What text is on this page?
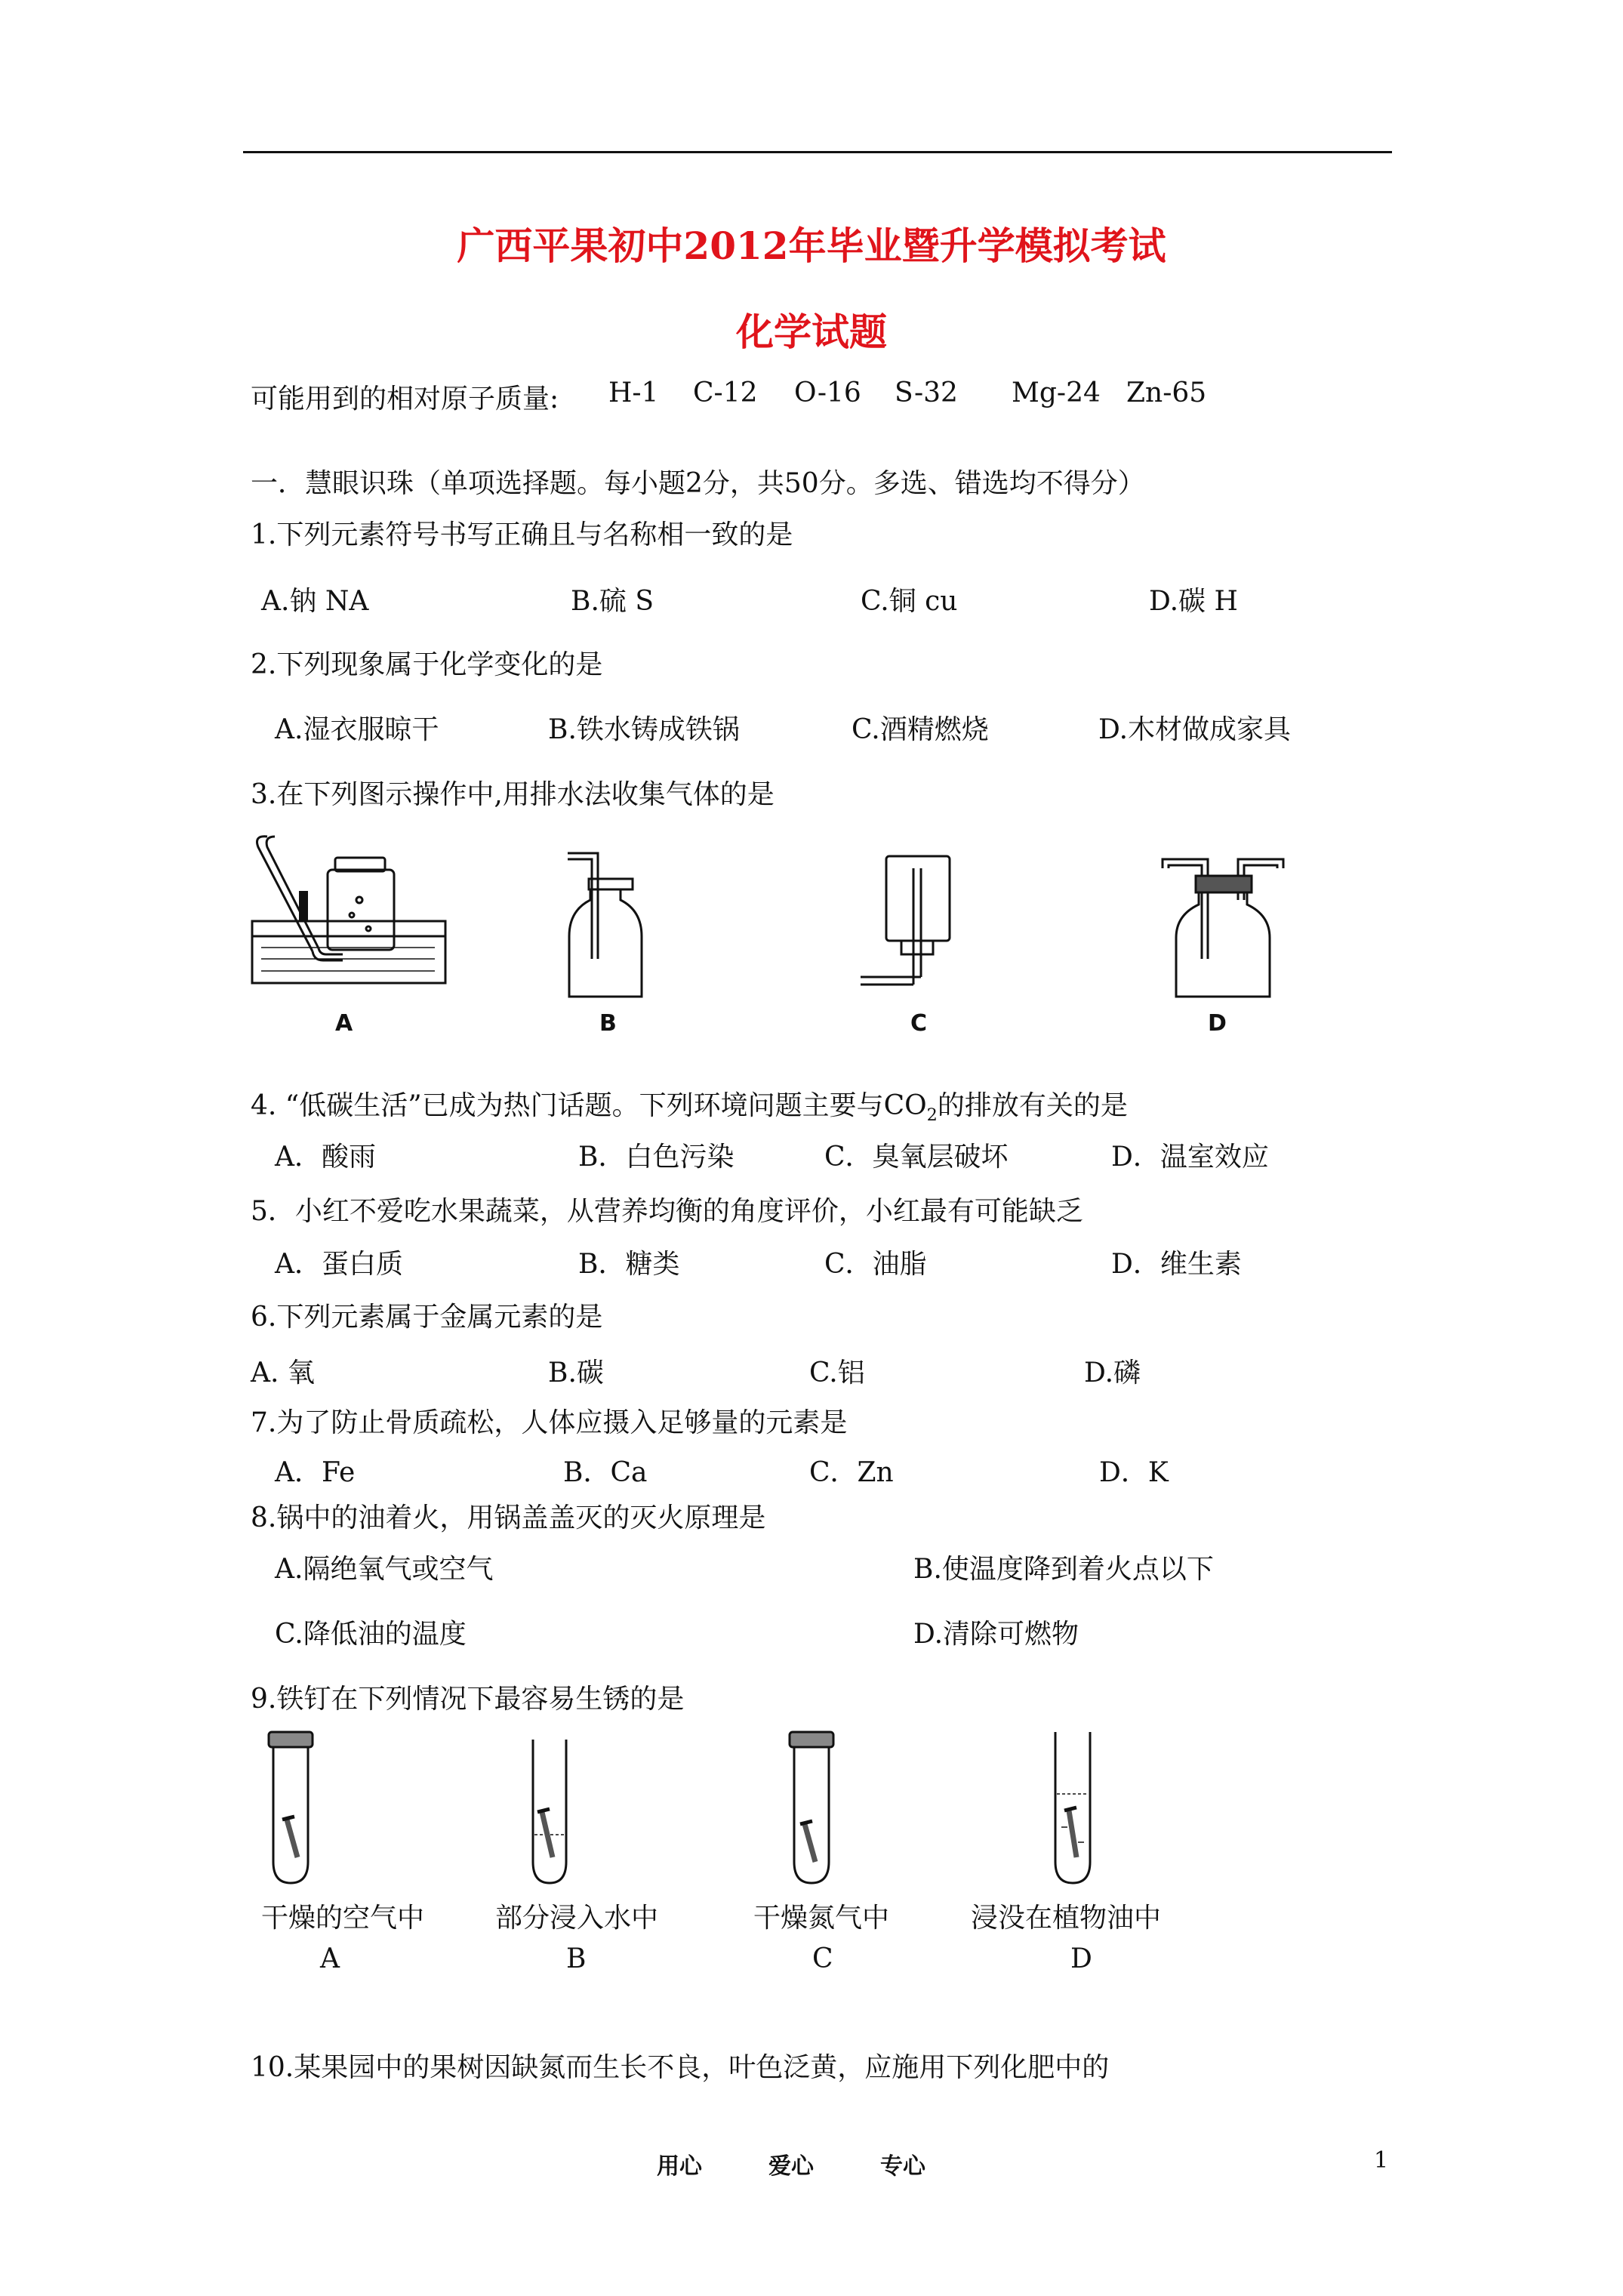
广西平果初中2012年毕业暨升学模拟考试
化学试题
可能用到的相对原子质量: H-1 C-12 O-16 S-32 Mg-24 Zn-65
一．慧眼识珠（单项选择题。每小题2分，共50分。多选、错选均不得分）
1.下列元素符号书写正确且与名称相一致的是
A.钠 NA	B.硫 S	C.铜 cu	D.碳 H
2.下列现象属于化学变化的是
A.湿衣服晾干	B.铁水铸成铁锅	C.酒精燃烧	D.木材做成家具
3.在下列图示操作中,用排水法收集气体的是
A	B	C	D
4. “低碳生活”已成为热门话题。下列环境问题主要与$CO_2$的排放有关的是
A．酸雨	B．白色污染	C．臭氧层破坏	D．温室效应
5．小红不爱吃水果蔬菜，从营养均衡的角度评价，小红最有可能缺乏
A．蛋白质	B．糖类	C．油脂	D．维生素
6.下列元素属于金属元素的是
A. 氧	B.碳	C.铝	D.磷
7.为了防止骨质疏松，人体应摄入足够量的元素是
A．Fe	B．Ca	C．Zn	D．K
8.锅中的油着火，用锅盖盖灭的灭火原理是
A.隔绝氧气或空气	B.使温度降到着火点以下
C.降低油的温度	D.清除可燃物
9.铁钉在下列情况下最容易生锈的是
干燥的空气中	部分浸入水中	干燥氮气中	浸没在植物油中
A	B	C	D
10.某果园中的果树因缺氮而生长不良，叶色泛黄，应施用下列化肥中的
用心	爱心	专心	1
